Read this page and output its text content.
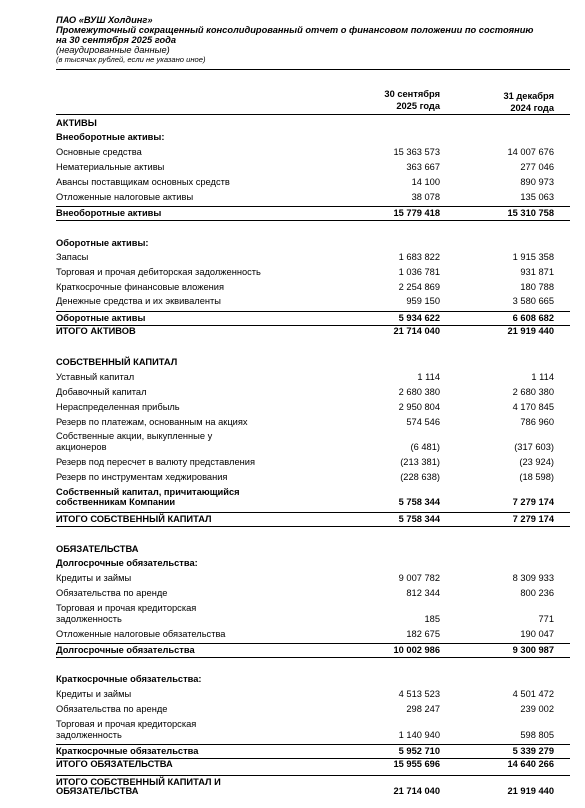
ПАО «ВУШ Холдинг»
Промежуточный сокращенный консолидированный отчет о финансовом положении по состоянию
на 30 сентября 2025 года
(неаудированные данные)
(в тысячах рублей, если не указано иное)
30 сентября
2025 года
31 декабря
2024 года
АКТИВЫ
Внеоборотные активы:
Основные средства	15 363 573	14 007 676
Нематериальные активы	363 667	277 046
Авансы поставщикам основных средств	14 100	890 973
Отложенные налоговые активы	38 078	135 063
Внеоборотные активы	15 779 418	15 310 758
Оборотные активы:
Запасы	1 683 822	1 915 358
Торговая и прочая дебиторская задолженность	1 036 781	931 871
Краткосрочные финансовые вложения	2 254 869	180 788
Денежные средства и их эквиваленты	959 150	3 580 665
Оборотные активы	5 934 622	6 608 682
ИТОГО АКТИВОВ	21 714 040	21 919 440
СОБСТВЕННЫЙ КАПИТАЛ
Уставный капитал	1 114	1 114
Добавочный капитал	2 680 380	2 680 380
Нераспределенная прибыль	2 950 804	4 170 845
Резерв по платежам, основанным на акциях	574 546	786 960
Собственные акции, выкупленные у
акционеров	(6 481)	(317 603)
Резерв под пересчет в валюту представления	(213 381)	(23 924)
Резерв по инструментам хеджирования	(228 638)	(18 598)
Собственный капитал, причитающийся
собственникам Компании	5 758 344	7 279 174
ИТОГО СОБСТВЕННЫЙ КАПИТАЛ	5 758 344	7 279 174
ОБЯЗАТЕЛЬСТВА
Долгосрочные обязательства:
Кредиты и займы	9 007 782	8 309 933
Обязательства по аренде	812 344	800 236
Торговая и прочая кредиторская
задолженность	185	771
Отложенные налоговые обязательства	182 675	190 047
Долгосрочные обязательства	10 002 986	9 300 987
Краткосрочные обязательства:
Кредиты и займы	4 513 523	4 501 472
Обязательства по аренде	298 247	239 002
Торговая и прочая кредиторская
задолженность	1 140 940	598 805
Краткосрочные обязательства	5 952 710	5 339 279
ИТОГО ОБЯЗАТЕЛЬСТВА	15 955 696	14 640 266
ИТОГО СОБСТВЕННЫЙ КАПИТАЛ И
ОБЯЗАТЕЛЬСТВА	21 714 040	21 919 440
